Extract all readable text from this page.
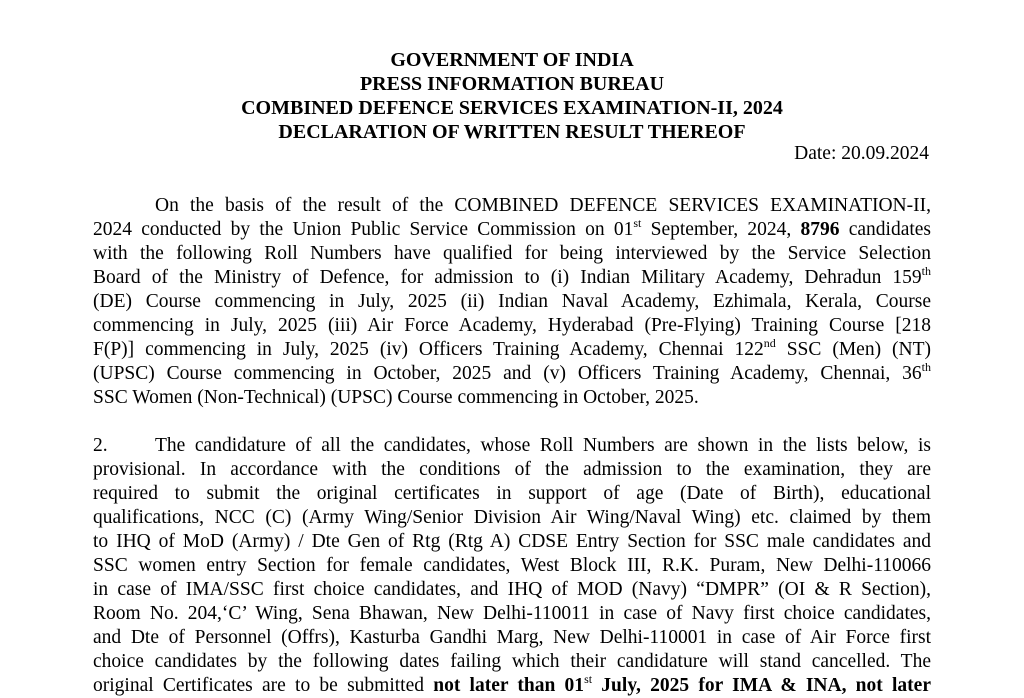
GOVERNMENT OF INDIA
PRESS INFORMATION BUREAU
COMBINED DEFENCE SERVICES EXAMINATION-II, 2024
DECLARATION OF WRITTEN RESULT THEREOF
Date: 20.09.2024
On the basis of the result of the COMBINED DEFENCE SERVICES EXAMINATION-II,
2024 conducted by the Union Public Service Commission on 01st September, 2024, 8796 candidates
with the following Roll Numbers have qualified for being interviewed by the Service Selection
Board of the Ministry of Defence, for admission to (i) Indian Military Academy, Dehradun 159th
(DE) Course commencing in July, 2025 (ii) Indian Naval Academy, Ezhimala, Kerala, Course
commencing in July, 2025 (iii) Air Force Academy, Hyderabad (Pre-Flying) Training Course [218
F(P)] commencing in July, 2025 (iv) Officers Training Academy, Chennai 122nd SSC (Men) (NT)
(UPSC) Course commencing in October, 2025 and (v) Officers Training Academy, Chennai, 36th
SSC Women (Non-Technical) (UPSC) Course commencing in October, 2025.
2. The candidature of all the candidates, whose Roll Numbers are shown in the lists below, is
provisional. In accordance with the conditions of the admission to the examination, they are
required to submit the original certificates in support of age (Date of Birth), educational
qualifications, NCC (C) (Army Wing/Senior Division Air Wing/Naval Wing) etc. claimed by them
to IHQ of MoD (Army) / Dte Gen of Rtg (Rtg A) CDSE Entry Section for SSC male candidates and
SSC women entry Section for female candidates, West Block III, R.K. Puram, New Delhi-110066
in case of IMA/SSC first choice candidates, and IHQ of MOD (Navy) “DMPR” (OI & R Section),
Room No. 204,‘C’ Wing, Sena Bhawan, New Delhi-110011 in case of Navy first choice candidates,
and Dte of Personnel (Offrs), Kasturba Gandhi Marg, New Delhi-110001 in case of Air Force first
choice candidates by the following dates failing which their candidature will stand cancelled. The
original Certificates are to be submitted not later than 01st July, 2025 for IMA & INA, not later
